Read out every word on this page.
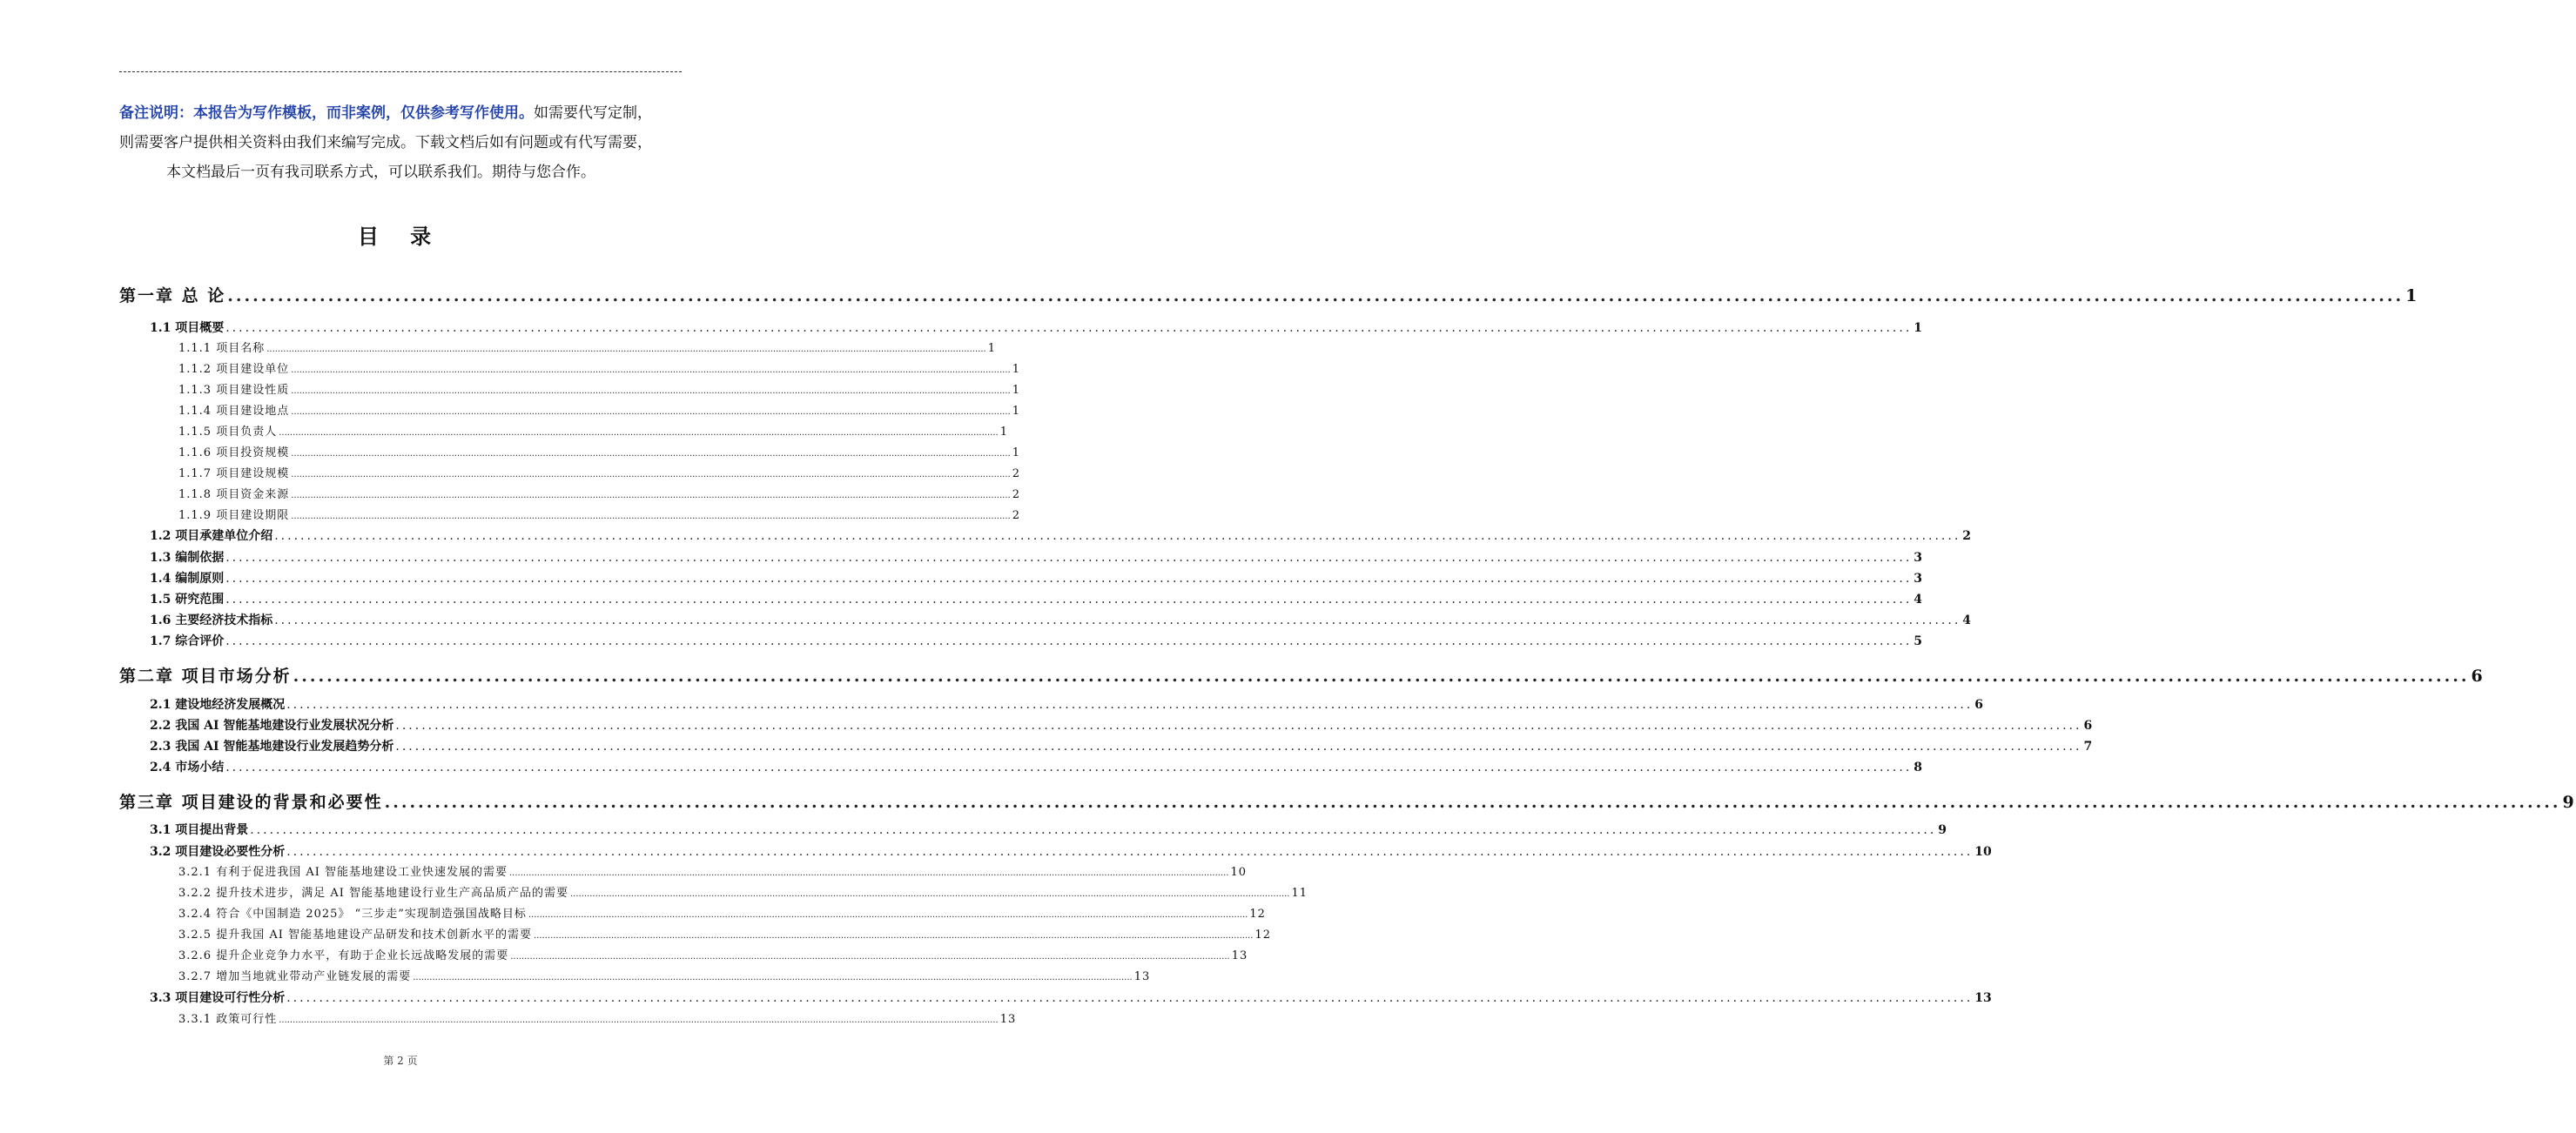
备注说明：本报告为写作模板，而非案例，仅供参考写作使用。如需要代写定制，
则需要客户提供相关资料由我们来编写完成。下载文档后如有问题或有代写需要，
本文档最后一页有我司联系方式，可以联系我们。期待与您合作。
目 录
第一章 总 论 .................................................................................................................................................................................................................................................................... 1
1.1 项目概要 .................................................................................................................................................................................................................................................................... 1
1.1.1 项目名称 .................................................................................................................................................................................................................................................................... 1
1.1.2 项目建设单位 .................................................................................................................................................................................................................................................................... 1
1.1.3 项目建设性质 .................................................................................................................................................................................................................................................................... 1
1.1.4 项目建设地点 .................................................................................................................................................................................................................................................................... 1
1.1.5 项目负责人 .................................................................................................................................................................................................................................................................... 1
1.1.6 项目投资规模 .................................................................................................................................................................................................................................................................... 1
1.1.7 项目建设规模 .................................................................................................................................................................................................................................................................... 2
1.1.8 项目资金来源 .................................................................................................................................................................................................................................................................... 2
1.1.9 项目建设期限 .................................................................................................................................................................................................................................................................... 2
1.2 项目承建单位介绍 .................................................................................................................................................................................................................................................................... 2
1.3 编制依据 .................................................................................................................................................................................................................................................................... 3
1.4 编制原则 .................................................................................................................................................................................................................................................................... 3
1.5 研究范围 .................................................................................................................................................................................................................................................................... 4
1.6 主要经济技术指标 .................................................................................................................................................................................................................................................................... 4
1.7 综合评价 .................................................................................................................................................................................................................................................................... 5
第二章 项目市场分析 .................................................................................................................................................................................................................................................................... 6
2.1 建设地经济发展概况 .................................................................................................................................................................................................................................................................... 6
2.2 我国 AI 智能基地建设行业发展状况分析 .................................................................................................................................................................................................................................................................... 6
2.3 我国 AI 智能基地建设行业发展趋势分析 .................................................................................................................................................................................................................................................................... 7
2.4 市场小结 .................................................................................................................................................................................................................................................................... 8
第三章 项目建设的背景和必要性 .................................................................................................................................................................................................................................................................... 9
3.1 项目提出背景 .................................................................................................................................................................................................................................................................... 9
3.2 项目建设必要性分析 .................................................................................................................................................................................................................................................................... 10
3.2.1 有利于促进我国 AI 智能基地建设工业快速发展的需要 .................................................................................................................................................................................................................................................................... 10
3.2.2 提升技术进步，满足 AI 智能基地建设行业生产高品质产品的需要 .................................................................................................................................................................................................................................................................... 11
3.2.4 符合《中国制造 2025》 “三步走”实现制造强国战略目标 .................................................................................................................................................................................................................................................................... 12
3.2.5 提升我国 AI 智能基地建设产品研发和技术创新水平的需要 .................................................................................................................................................................................................................................................................... 12
3.2.6 提升企业竞争力水平，有助于企业长远战略发展的需要 .................................................................................................................................................................................................................................................................... 13
3.2.7 增加当地就业带动产业链发展的需要 .................................................................................................................................................................................................................................................................... 13
3.3 项目建设可行性分析 .................................................................................................................................................................................................................................................................... 13
3.3.1 政策可行性 .................................................................................................................................................................................................................................................................... 13
第 2 页
